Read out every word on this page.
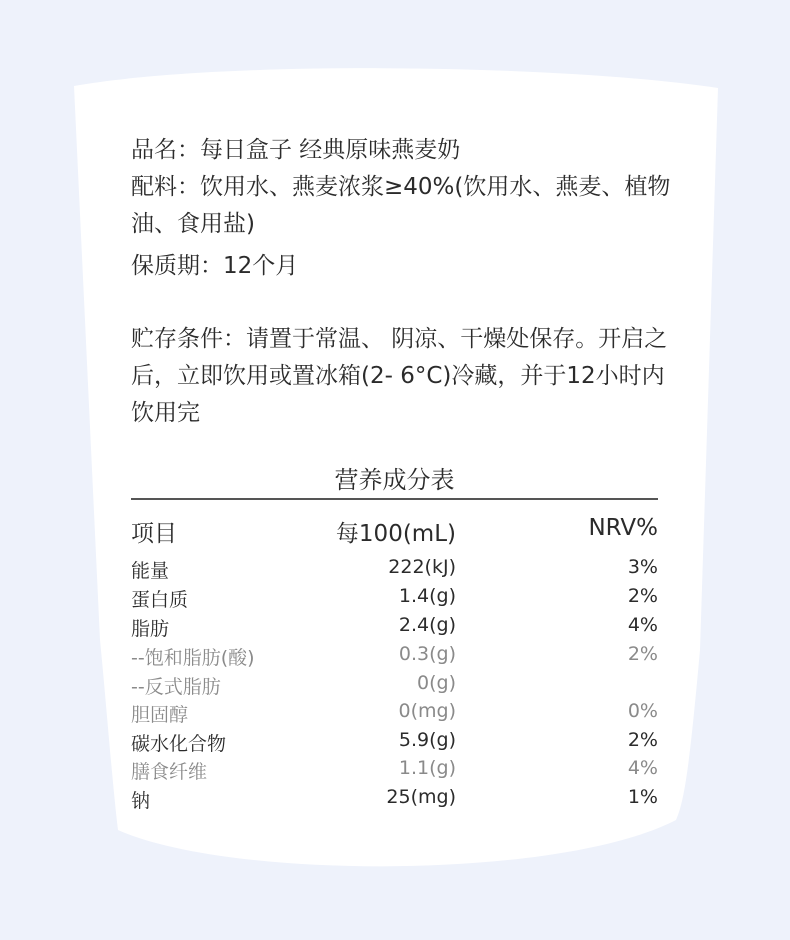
品名：每日盒子 经典原味燕麦奶
配料：饮用水、燕麦浓浆≥40%(饮用水、燕麦、植物油、食用盐)
保质期：12个月
贮存条件：请置于常温、 阴凉、干燥处保存。开启之后，立即饮用或置冰箱(2- 6°C)冷藏，并于12小时内饮用完
营养成分表
项目	每100(mL)	NRV%
能量	222(kJ)	3%
蛋白质	1.4(g)	2%
脂肪	2.4(g)	4%
--饱和脂肪(酸)	0.3(g)	2%
--反式脂肪	0(g)
胆固醇	0(mg)	0%
碳水化合物	5.9(g)	2%
膳食纤维	1.1(g)	4%
钠	25(mg)	1%
